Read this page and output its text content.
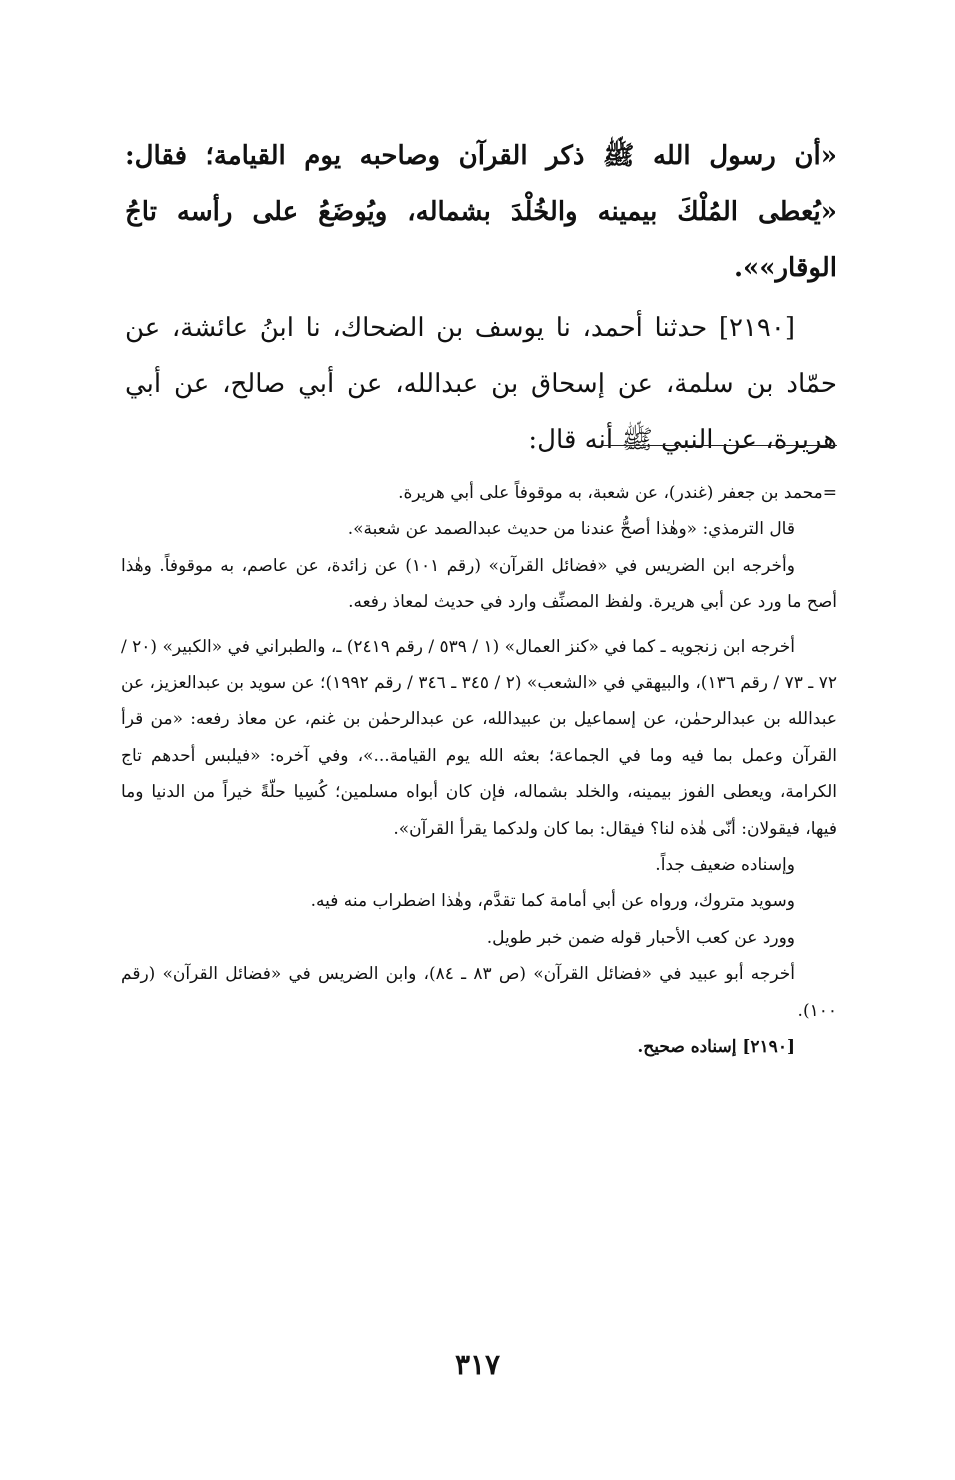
«أن رسول الله ﷺ ذكر القرآن وصاحبه يوم القيامة؛ فقال: «يُعطى المُلْكَ بيمينه والخُلْدَ بشماله، ويُوضَعُ على رأسه تاجُ الوقار»».

[٢١٩٠] حدثنا أحمد، نا يوسف بن الضحاك، نا ابنُ عائشة، عن حمّاد بن سلمة، عن إسحاق بن عبدالله، عن أبي صالح، عن أبي هريرة، عن النبي ﷺ أنه قال:

=محمد بن جعفر (غندر)، عن شعبة، به موقوفاً على أبي هريرة.

قال الترمذي: «وهٰذا أصحُّ عندنا من حديث عبدالصمد عن شعبة».

وأخرجه ابن الضريس في «فضائل القرآن» (رقم ١٠١) عن زائدة، عن عاصم، به موقوفاً. وهٰذا أصح ما ورد عن أبي هريرة. ولفظ المصنِّف وارد في حديث لمعاذ رفعه.

أخرجه ابن زنجويه ـ كما في «كنز العمال» (١ / ٥٣٩ / رقم ٢٤١٩) ـ، والطبراني في «الكبير» (٢٠ / ٧٢ ـ ٧٣ / رقم ١٣٦)، والبيهقي في «الشعب» (٢ / ٣٤٥ ـ ٣٤٦ / رقم ١٩٩٢)؛ عن سويد بن عبدالعزيز، عن عبدالله بن عبدالرحمٰن، عن إسماعيل بن عبيدالله، عن عبدالرحمٰن بن غنم، عن معاذ رفعه: «من قرأ القرآن وعمل بما فيه وما في الجماعة؛ بعثه الله يوم القيامة...»، وفي آخره: «فيلبس أحدهم تاج الكرامة، ويعطى الفوز بيمينه، والخلد بشماله، فإن كان أبواه مسلمين؛ كُسِيا حلّةً خيراً من الدنيا وما فيها، فيقولان: أنّى هٰذه لنا؟ فيقال: بما كان ولدكما يقرأ القرآن».

وإسناده ضعيف جداً.

وسويد متروك، ورواه عن أبي أمامة كما تقدَّم، وهٰذا اضطراب منه فيه.

وورد عن كعب الأحبار قوله ضمن خبر طويل.

أخرجه أبو عبيد في «فضائل القرآن» (ص ٨٣ ـ ٨٤)، وابن الضريس في «فضائل القرآن» (رقم ١٠٠).

[٢١٩٠] إسناده صحيح.

٣١٧
